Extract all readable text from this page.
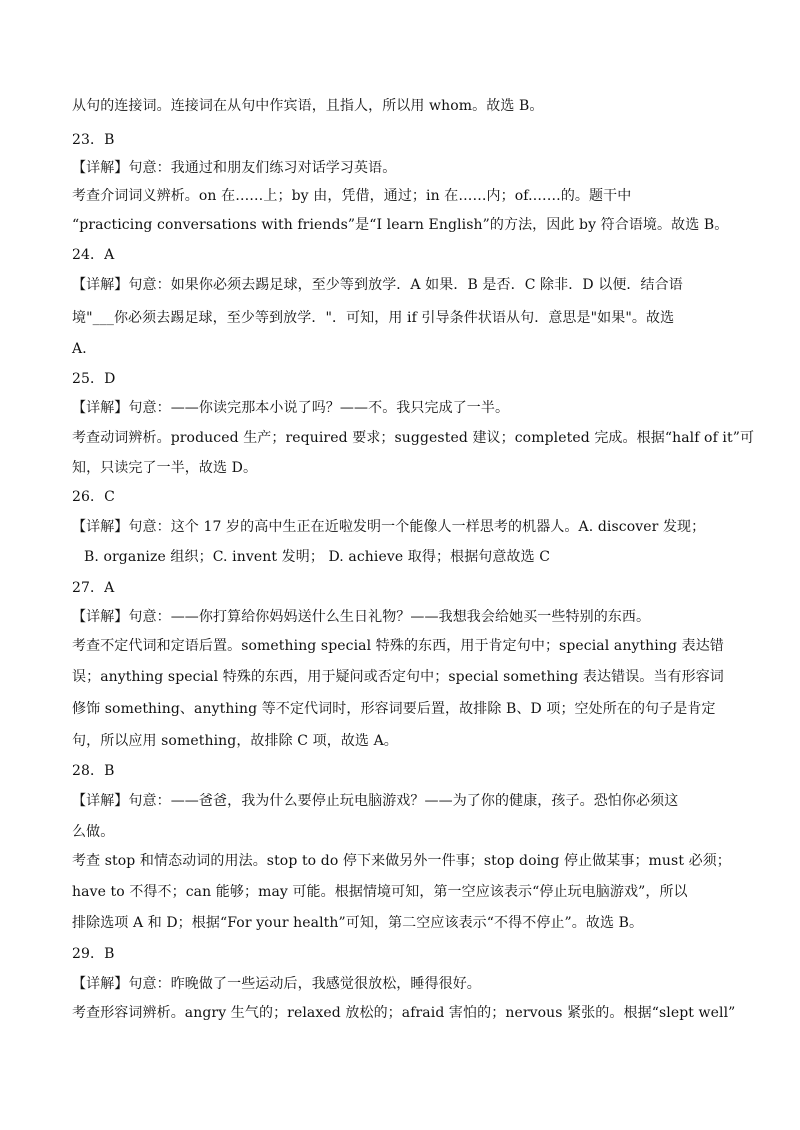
从句的连接词。连接词在从句中作宾语，且指人，所以用 whom。故选 B。
23．B
【详解】句意：我通过和朋友们练习对话学习英语。
考查介词词义辨析。on 在……上；by 由，凭借，通过；in 在……内；of.……的。题干中
“practicing conversations with friends”是“I learn English”的方法，因此 by 符合语境。故选 B。
24．A
【详解】句意：如果你必须去踢足球，至少等到放学．A 如果．B 是否．C 除非．D 以便．结合语
境"___你必须去踢足球，至少等到放学．"．可知，用 if 引导条件状语从句．意思是"如果"。故选
A．
25．D
【详解】句意：——你读完那本小说了吗？——不。我只完成了一半。
考查动词辨析。produced 生产；required 要求；suggested 建议；completed 完成。根据“half of it”可
知，只读完了一半，故选 D。
26．C
【详解】句意：这个 17 岁的高中生正在近啦发明一个能像人一样思考的机器人。A. discover 发现；
B. organize 组织；C. invent 发明； D. achieve 取得；根据句意故选 C
27．A
【详解】句意：——你打算给你妈妈送什么生日礼物？——我想我会给她买一些特别的东西。
考查不定代词和定语后置。something special 特殊的东西，用于肯定句中；special anything 表达错
误；anything special 特殊的东西，用于疑问或否定句中；special something 表达错误。当有形容词
修饰 something、anything 等不定代词时，形容词要后置，故排除 B、D 项；空处所在的句子是肯定
句，所以应用 something，故排除 C 项，故选 A。
28．B
【详解】句意：——爸爸，我为什么要停止玩电脑游戏？——为了你的健康，孩子。恐怕你必须这
么做。
考查 stop 和情态动词的用法。stop to do 停下来做另外一件事；stop doing 停止做某事；must 必须；
have to 不得不；can 能够；may 可能。根据情境可知，第一空应该表示“停止玩电脑游戏”，所以
排除选项 A 和 D；根据“For your health”可知，第二空应该表示“不得不停止”。故选 B。
29．B
【详解】句意：昨晚做了一些运动后，我感觉很放松，睡得很好。
考查形容词辨析。angry 生气的；relaxed 放松的；afraid 害怕的；nervous 紧张的。根据“slept well”
